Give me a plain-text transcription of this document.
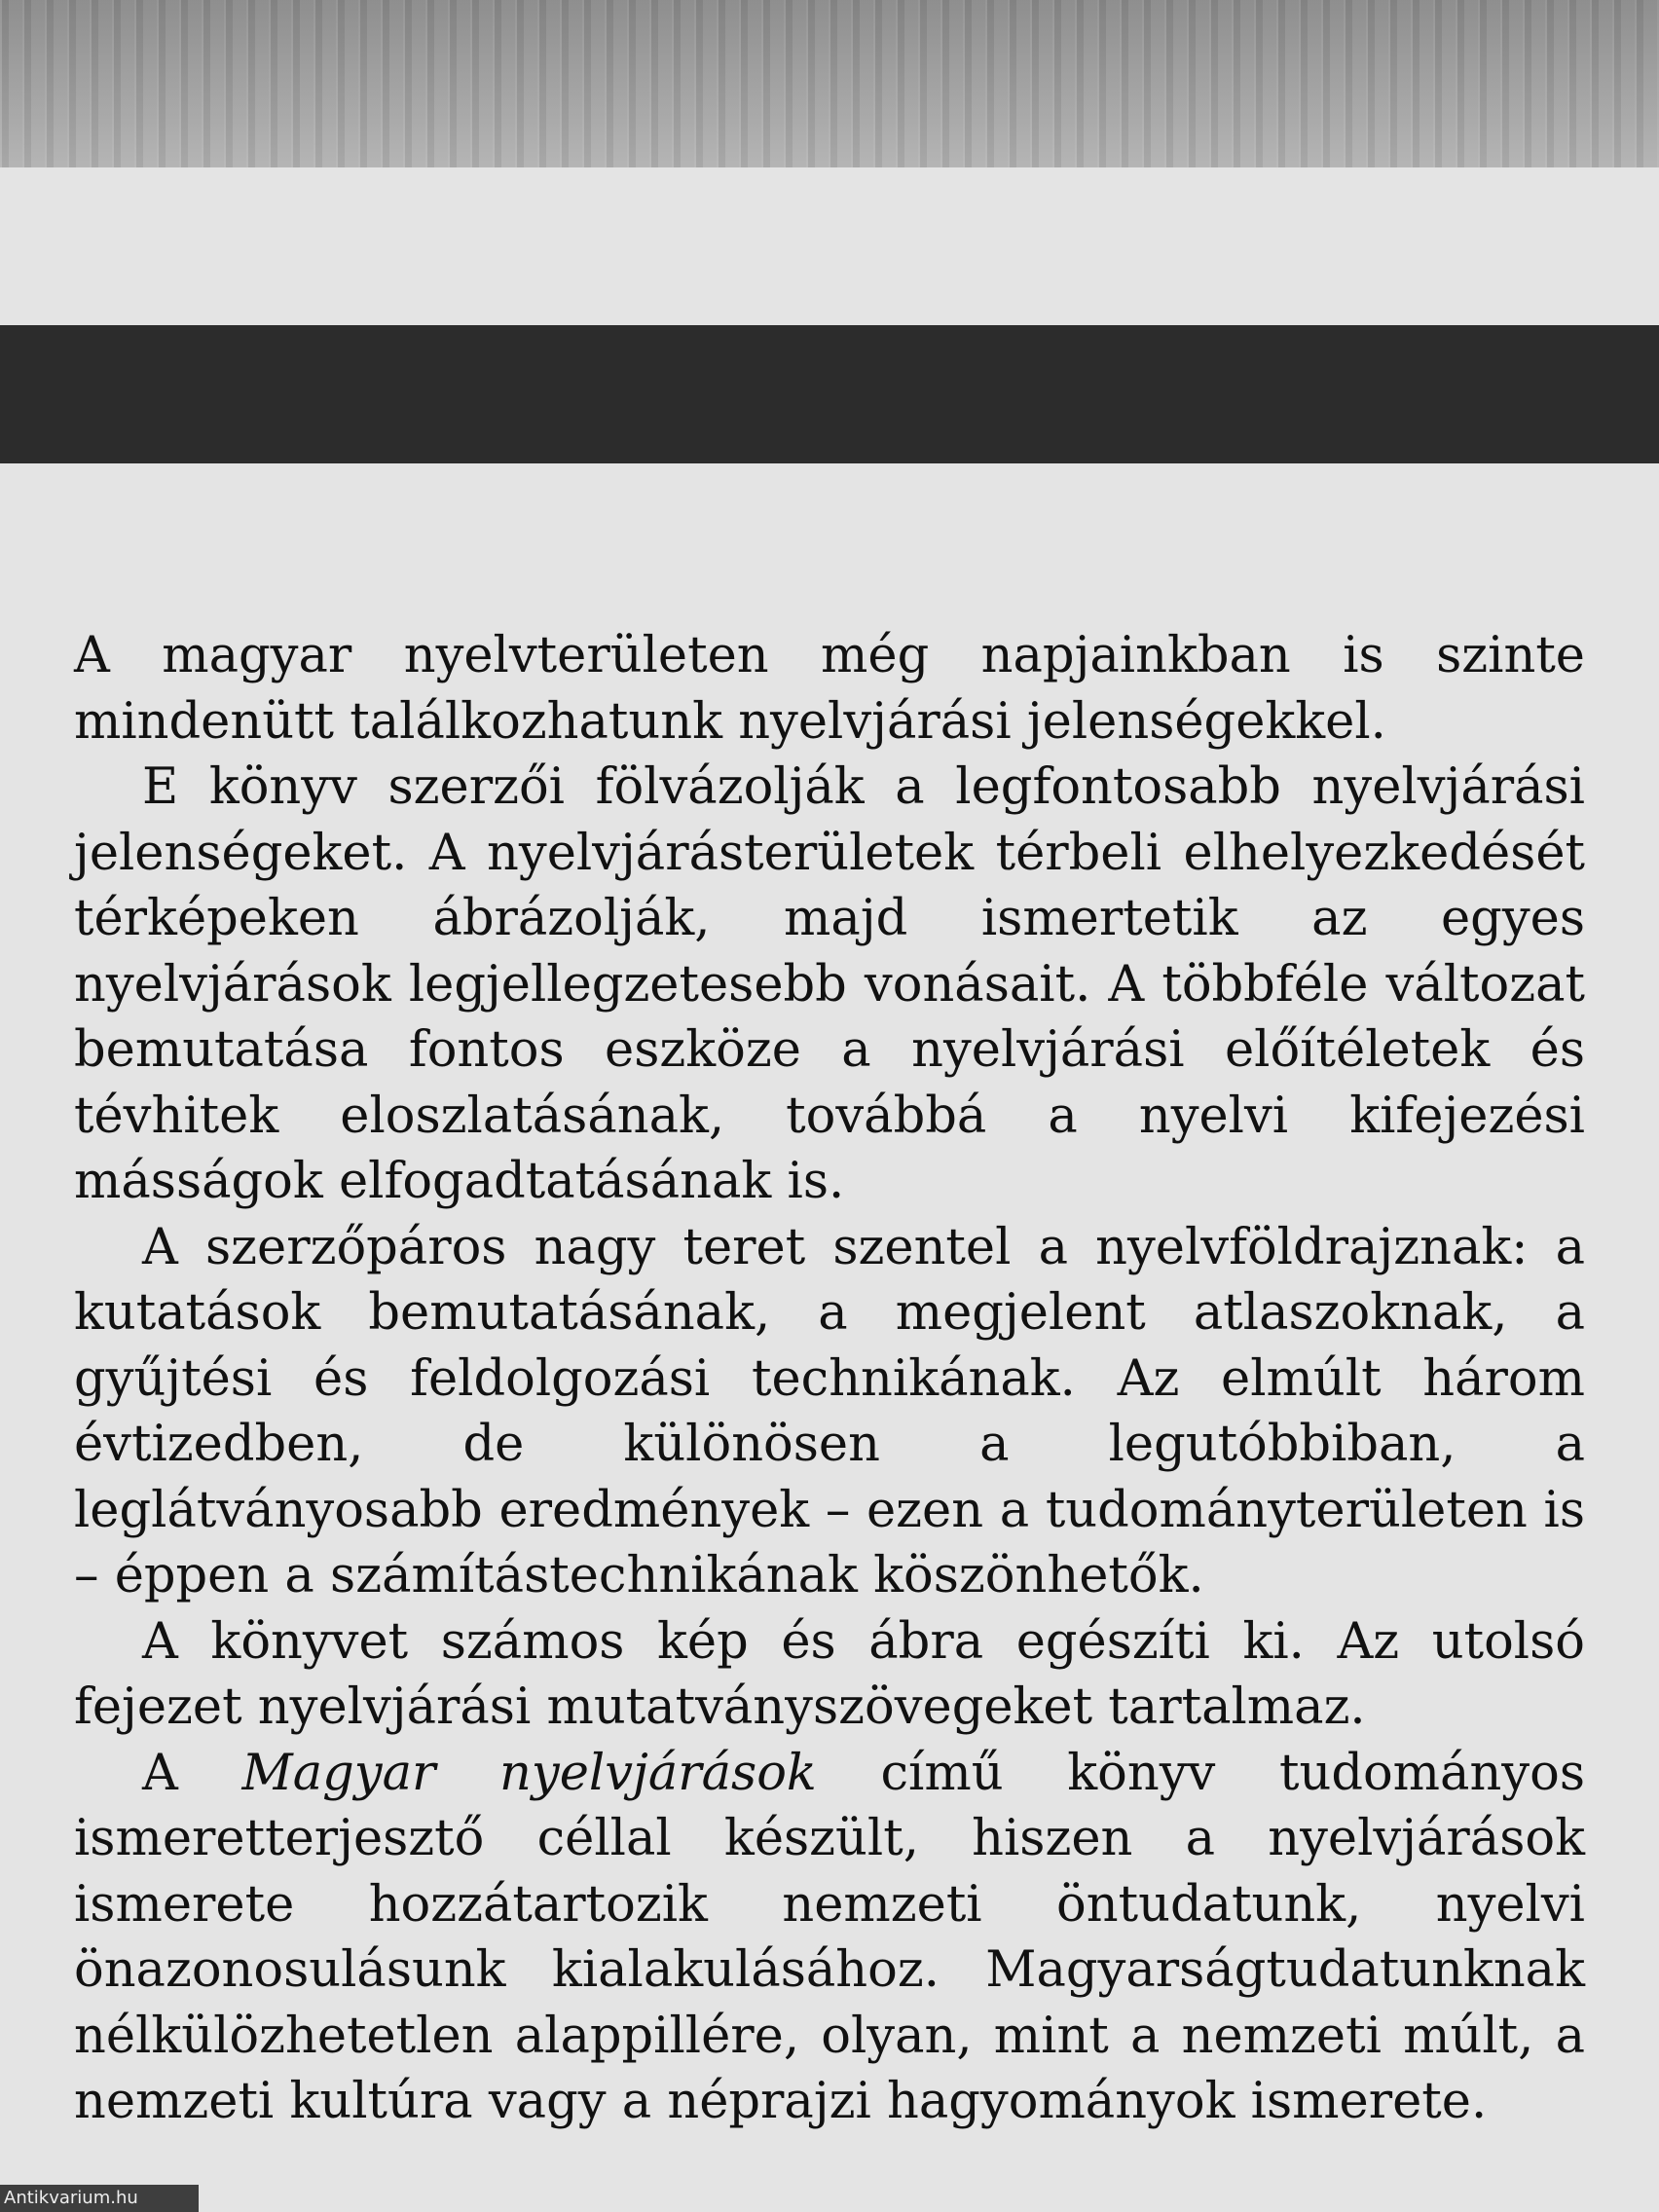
A magyar nyelvterületen még napjainkban is szinte mindenütt találkozhatunk nyelvjárási jelenségekkel.

E könyv szerzői fölvázolják a legfontosabb nyelvjárási jelenségeket. A nyelvjárásterületek térbeli elhelyezkedését térképeken ábrázolják, majd ismertetik az egyes nyelvjárások legjellegzetesebb vonásait. A többféle változat bemutatása fontos eszköze a nyelvjárási előítéletek és tévhitek eloszlatásának, továbbá a nyelvi kifejezési másságok elfogadtatásának is.

A szerzőpáros nagy teret szentel a nyelvföldrajznak: a kutatások bemutatásának, a megjelent atlaszoknak, a gyűjtési és feldolgozási technikának. Az elmúlt három évtizedben, de különösen a legutóbbiban, a leglátványosabb eredmények – ezen a tudományterületen is – éppen a számítástechnikának köszönhetők.

A könyvet számos kép és ábra egészíti ki. Az utolsó fejezet nyelvjárási mutatványszövegeket tartalmaz.

A Magyar nyelvjárások című könyv tudományos ismeretterjesztő céllal készült, hiszen a nyelvjárások ismerete hozzátartozik nemzeti öntudatunk, nyelvi önazonosulásunk kialakulásához. Magyarságtudatunknak nélkülözhetetlen alappillére, olyan, mint a nemzeti múlt, a nemzeti kultúra vagy a néprajzi hagyományok ismerete.

Antikvarium.hu
